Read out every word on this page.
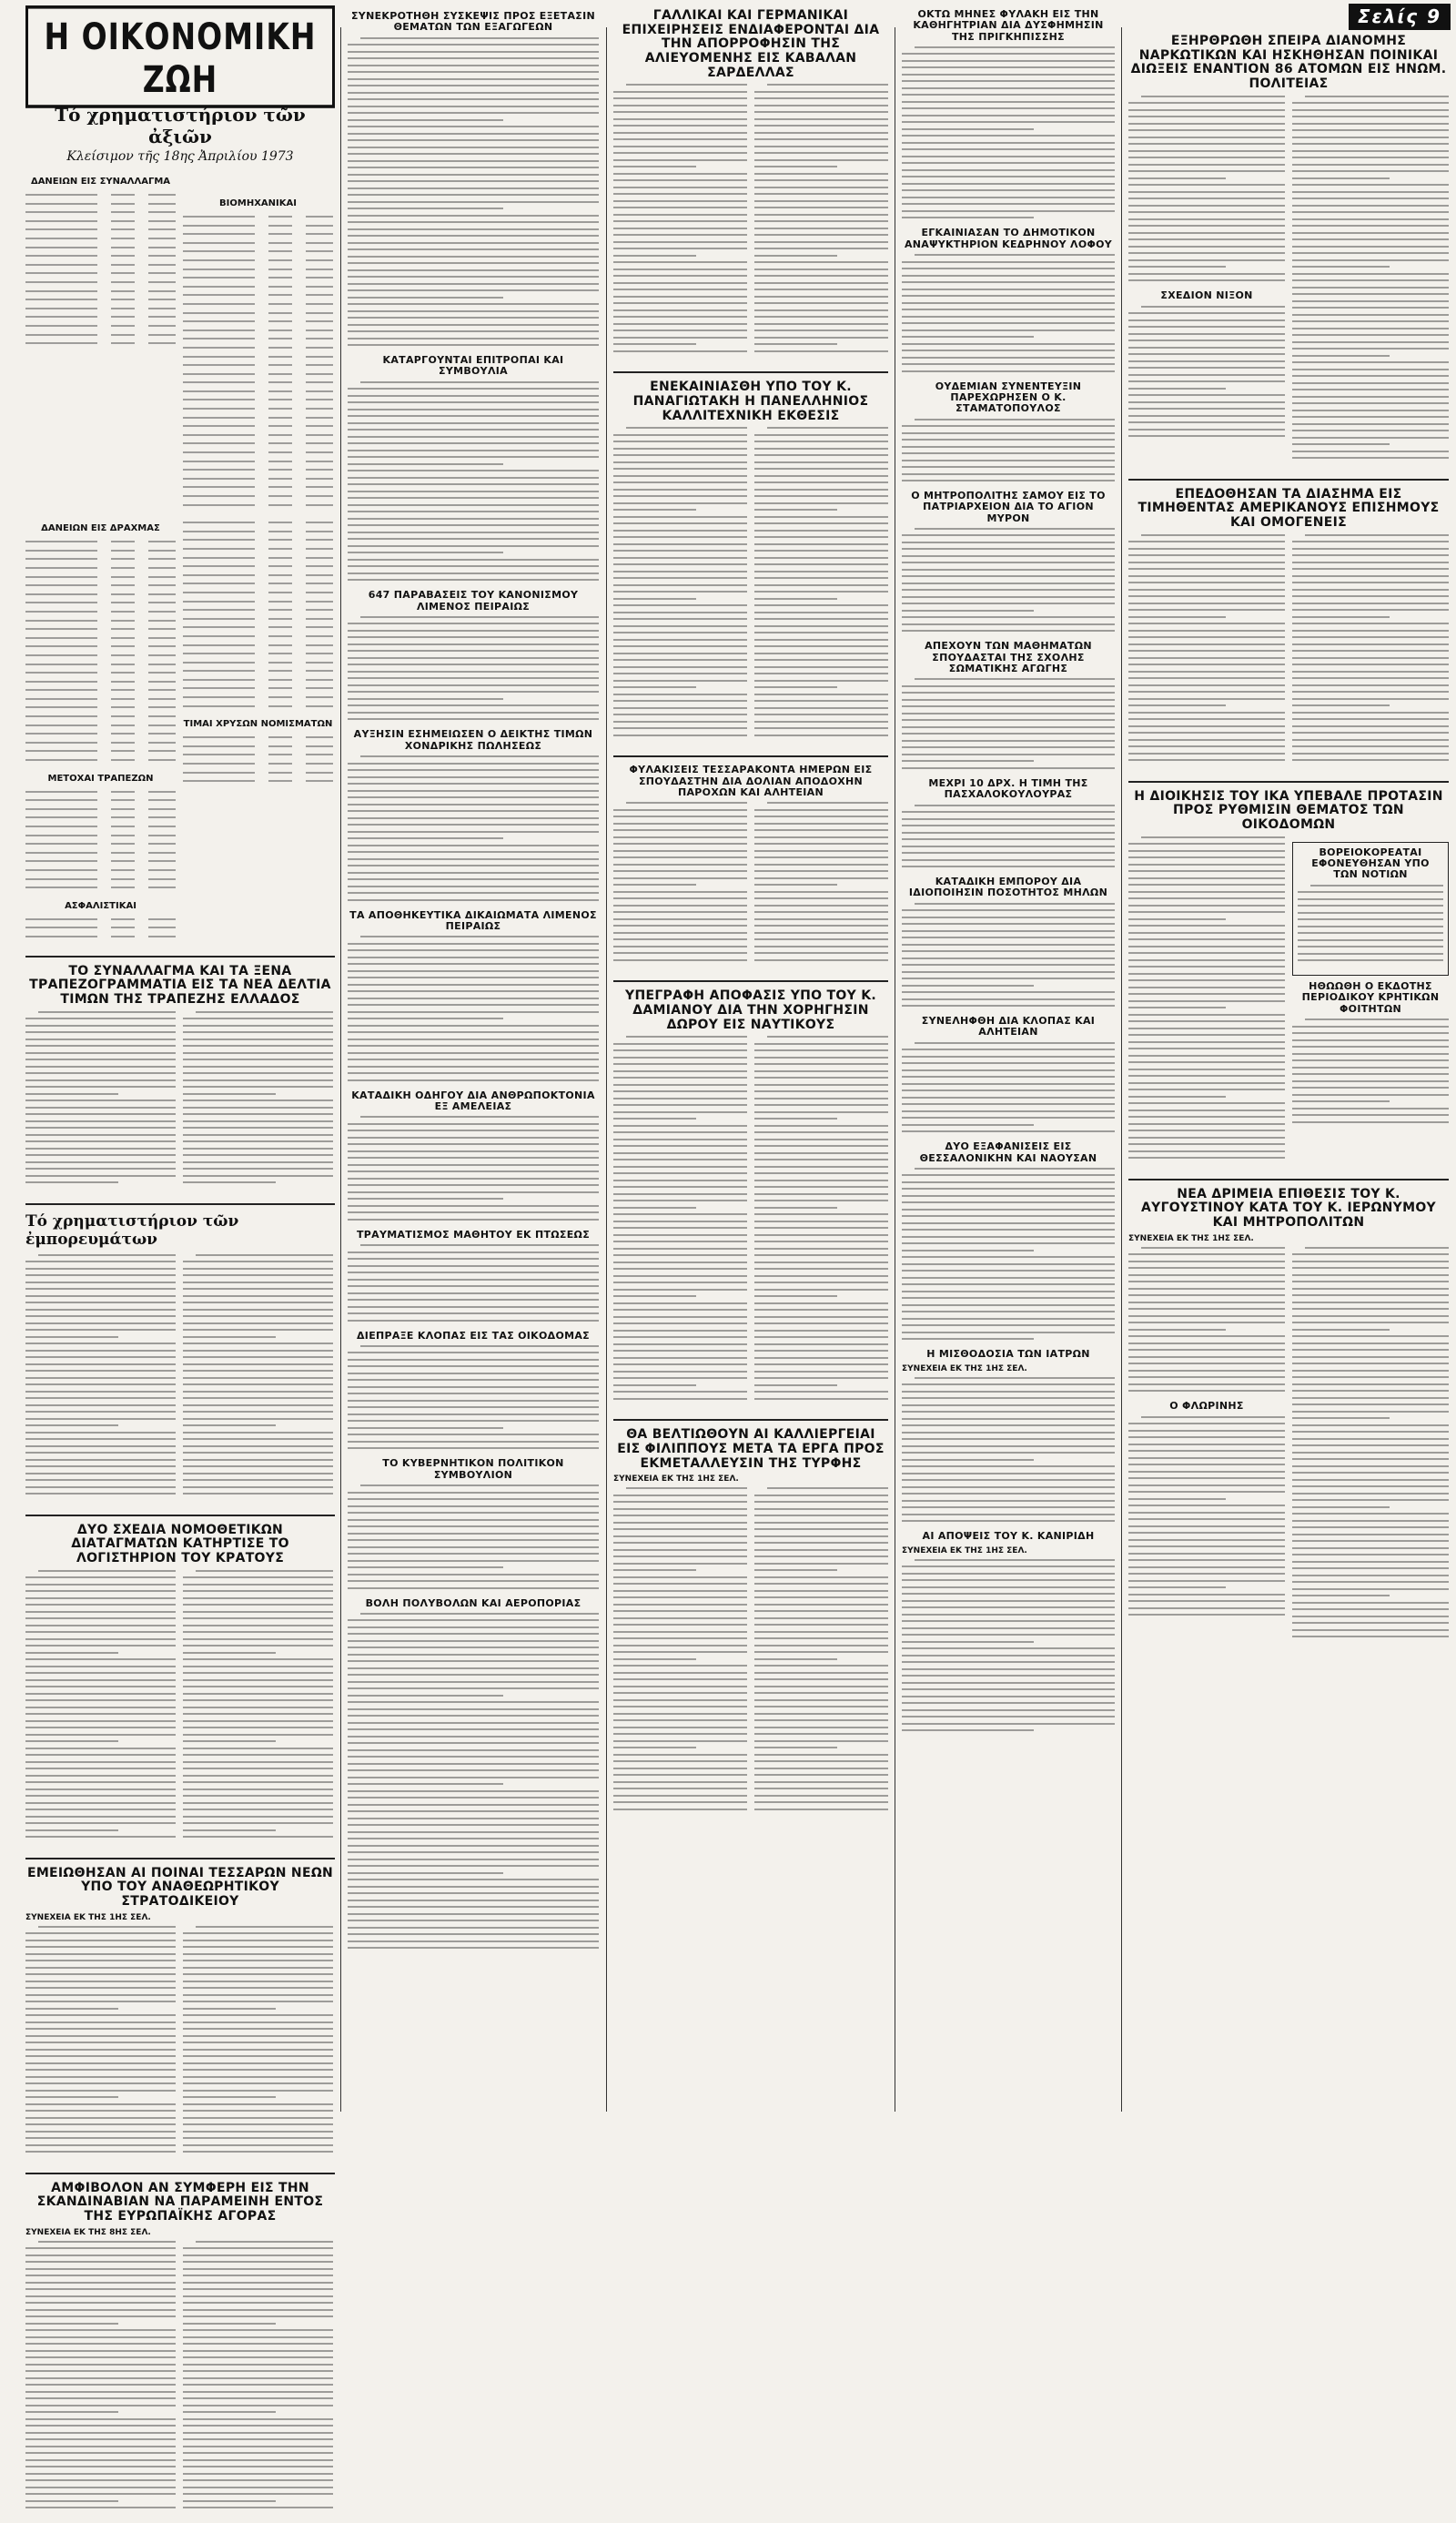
Σελίς 9
Η ΟΙΚΟΝΟΜΙΚΗ ΖΩΗ
Τό χρηματιστήριον τῶν ἀξιῶν
Κλείσιμον τῆς 18ης Ἀπριλίου 1973
ΔΑΝΕΙΩΝ ΕΙΣ ΣΥΝΑΛΛΑΓΜΑ
ΒΙΟΜΗΧΑΝΙΚΑΙ
ΔΑΝΕΙΩΝ ΕΙΣ ΔΡΑΧΜΑΣ
ΜΕΤΟΧΑΙ ΤΡΑΠΕΖΩΝ
ΑΣΦΑΛΙΣΤΙΚΑΙ
ΤΙΜΑΙ ΧΡΥΣΩΝ ΝΟΜΙΣΜΑΤΩΝ
ΤΟ ΣΥΝΑΛΛΑΓΜΑ ΚΑΙ ΤΑ ΞΕΝΑ ΤΡΑΠΕΖΟΓΡΑΜΜΑΤΙΑ ΕΙΣ ΤΑ ΝΕΑ ΔΕΛΤΙΑ ΤΙΜΩΝ ΤΗΣ ΤΡΑΠΕΖΗΣ ΕΛΛΑΔΟΣ
Τό χρηματιστήριον τῶν ἐμπορευμάτων
ΔΥΟ ΣΧΕΔΙΑ ΝΟΜΟΘΕΤΙΚΩΝ ΔΙΑΤΑΓΜΑΤΩΝ ΚΑΤΗΡΤΙΣΕ ΤΟ ΛΟΓΙΣΤΗΡΙΟΝ ΤΟΥ ΚΡΑΤΟΥΣ
ΕΜΕΙΩΘΗΣΑΝ ΑΙ ΠΟΙΝΑΙ ΤΕΣΣΑΡΩΝ ΝΕΩΝ ΥΠΟ ΤΟΥ ΑΝΑΘΕΩΡΗΤΙΚΟΥ ΣΤΡΑΤΟΔΙΚΕΙΟΥ
ΣΥΝΕΧΕΙΑ ΕΚ ΤΗΣ 1ΗΣ ΣΕΛ.
ΑΜΦΙΒΟΛΟΝ ΑΝ ΣΥΜΦΕΡΗ ΕΙΣ ΤΗΝ ΣΚΑΝΔΙΝΑΒΙΑΝ ΝΑ ΠΑΡΑΜΕΙΝΗ ΕΝΤΟΣ ΤΗΣ ΕΥΡΩΠΑΪΚΗΣ ΑΓΟΡΑΣ
ΣΥΝΕΧΕΙΑ ΕΚ ΤΗΣ 8ΗΣ ΣΕΛ.
ΣΥΝΕΚΡΟΤΗΘΗ ΣΥΣΚΕΨΙΣ ΠΡΟΣ ΕΞΕΤΑΣΙΝ ΘΕΜΑΤΩΝ ΤΩΝ ΕΞΑΓΩΓΕΩΝ
ΚΑΤΑΡΓΟΥΝΤΑΙ ΕΠΙΤΡΟΠΑΙ ΚΑΙ ΣΥΜΒΟΥΛΙΑ
647 ΠΑΡΑΒΑΣΕΙΣ ΤΟΥ ΚΑΝΟΝΙΣΜΟΥ ΛΙΜΕΝΟΣ ΠΕΙΡΑΙΩΣ
ΑΥΞΗΣΙΝ ΕΣΗΜΕΙΩΣΕΝ Ο ΔΕΙΚΤΗΣ ΤΙΜΩΝ ΧΟΝΔΡΙΚΗΣ ΠΩΛΗΣΕΩΣ
ΤΑ ΑΠΟΘΗΚΕΥΤΙΚΑ ΔΙΚΑΙΩΜΑΤΑ ΛΙΜΕΝΟΣ ΠΕΙΡΑΙΩΣ
ΚΑΤΑΔΙΚΗ ΟΔΗΓΟΥ ΔΙΑ ΑΝΘΡΩΠΟΚΤΟΝΙΑ ΕΞ ΑΜΕΛΕΙΑΣ
ΤΡΑΥΜΑΤΙΣΜΟΣ ΜΑΘΗΤΟΥ ΕΚ ΠΤΩΣΕΩΣ
ΔΙΕΠΡΑΞΕ ΚΛΟΠΑΣ ΕΙΣ ΤΑΣ ΟΙΚΟΔΟΜΑΣ
ΤΟ ΚΥΒΕΡΝΗΤΙΚΟΝ ΠΟΛΙΤΙΚΟΝ ΣΥΜΒΟΥΛΙΟΝ
ΒΟΛΗ ΠΟΛΥΒΟΛΩΝ ΚΑΙ ΑΕΡΟΠΟΡΙΑΣ
ΓΑΛΛΙΚΑΙ ΚΑΙ ΓΕΡΜΑΝΙΚΑΙ ΕΠΙΧΕΙΡΗΣΕΙΣ ΕΝΔΙΑΦΕΡΟΝΤΑΙ ΔΙΑ ΤΗΝ ΑΠΟΡΡΟΦΗΣΙΝ ΤΗΣ ΑΛΙΕΥΟΜΕΝΗΣ ΕΙΣ ΚΑΒΑΛΑΝ ΣΑΡΔΕΛΛΑΣ
ΕΝΕΚΑΙΝΙΑΣΘΗ ΥΠΟ ΤΟΥ Κ. ΠΑΝΑΓΙΩΤΑΚΗ Η ΠΑΝΕΛΛΗΝΙΟΣ ΚΑΛΛΙΤΕΧΝΙΚΗ ΕΚΘΕΣΙΣ
ΦΥΛΑΚΙΣΕΙΣ ΤΕΣΣΑΡΑΚΟΝΤΑ ΗΜΕΡΩΝ ΕΙΣ ΣΠΟΥΔΑΣΤΗΝ ΔΙΑ ΔΟΛΙΑΝ ΑΠΟΔΟΧΗΝ ΠΑΡΟΧΩΝ ΚΑΙ ΑΛΗΤΕΙΑΝ
ΥΠΕΓΡΑΦΗ ΑΠΟΦΑΣΙΣ ΥΠΟ ΤΟΥ Κ. ΔΑΜΙΑΝΟΥ ΔΙΑ ΤΗΝ ΧΟΡΗΓΗΣΙΝ ΔΩΡΟΥ ΕΙΣ ΝΑΥΤΙΚΟΥΣ
ΘΑ ΒΕΛΤΙΩΘΟΥΝ ΑΙ ΚΑΛΛΙΕΡΓΕΙΑΙ ΕΙΣ ΦΙΛΙΠΠΟΥΣ ΜΕΤΑ ΤΑ ΕΡΓΑ ΠΡΟΣ ΕΚΜΕΤΑΛΛΕΥΣΙΝ ΤΗΣ ΤΥΡΦΗΣ
ΣΥΝΕΧΕΙΑ ΕΚ ΤΗΣ 1ΗΣ ΣΕΛ.
ΟΚΤΩ ΜΗΝΕΣ ΦΥΛΑΚΗ ΕΙΣ ΤΗΝ ΚΑΘΗΓΗΤΡΙΑΝ ΔΙΑ ΔΥΣΦΗΜΗΣΙΝ ΤΗΣ ΠΡΙΓΚΗΠΙΣΣΗΣ
ΕΓΚΑΙΝΙΑΣΑΝ ΤΟ ΔΗΜΟΤΙΚΟΝ ΑΝΑΨΥΚΤΗΡΙΟΝ ΚΕΔΡΗΝΟΥ ΛΟΦΟΥ
ΟΥΔΕΜΙΑΝ ΣΥΝΕΝΤΕΥΞΙΝ ΠΑΡΕΧΩΡΗΣΕΝ Ο Κ. ΣΤΑΜΑΤΟΠΟΥΛΟΣ
Ο ΜΗΤΡΟΠΟΛΙΤΗΣ ΣΑΜΟΥ ΕΙΣ ΤΟ ΠΑΤΡΙΑΡΧΕΙΟΝ ΔΙΑ ΤΟ ΑΓΙΟΝ ΜΥΡΟΝ
ΑΠΕΧΟΥΝ ΤΩΝ ΜΑΘΗΜΑΤΩΝ ΣΠΟΥΔΑΣΤΑΙ ΤΗΣ ΣΧΟΛΗΣ ΣΩΜΑΤΙΚΗΣ ΑΓΩΓΗΣ
ΜΕΧΡΙ 10 ΔΡΧ. Η ΤΙΜΗ ΤΗΣ ΠΑΣΧΑΛΟΚΟΥΛΟΥΡΑΣ
ΚΑΤΑΔΙΚΗ ΕΜΠΟΡΟΥ ΔΙΑ ΙΔΙΟΠΟΙΗΣΙΝ ΠΟΣΟΤΗΤΟΣ ΜΗΛΩΝ
ΣΥΝΕΛΗΦΘΗ ΔΙΑ ΚΛΟΠΑΣ ΚΑΙ ΑΛΗΤΕΙΑΝ
ΔΥΟ ΕΞΑΦΑΝΙΣΕΙΣ ΕΙΣ ΘΕΣΣΑΛΟΝΙΚΗΝ ΚΑΙ ΝΑΟΥΣΑΝ
Η ΜΙΣΘΟΔΟΣΙΑ ΤΩΝ ΙΑΤΡΩΝ
ΣΥΝΕΧΕΙΑ ΕΚ ΤΗΣ 1ΗΣ ΣΕΛ.
ΑΙ ΑΠΟΨΕΙΣ ΤΟΥ Κ. ΚΑΝΙΡΙΔΗ
ΣΥΝΕΧΕΙΑ ΕΚ ΤΗΣ 1ΗΣ ΣΕΛ.
ΕΞΗΡΘΡΩΘΗ ΣΠΕΙΡΑ ΔΙΑΝΟΜΗΣ ΝΑΡΚΩΤΙΚΩΝ ΚΑΙ ΗΣΚΗΘΗΣΑΝ ΠΟΙΝΙΚΑΙ ΔΙΩΞΕΙΣ ΕΝΑΝΤΙΟΝ 86 ΑΤΟΜΩΝ ΕΙΣ ΗΝΩΜ. ΠΟΛΙΤΕΙΑΣ
ΣΧΕΔΙΟΝ ΝΙΞΟΝ
ΕΠΕΔΟΘΗΣΑΝ ΤΑ ΔΙΑΣΗΜΑ ΕΙΣ ΤΙΜΗΘΕΝΤΑΣ ΑΜΕΡΙΚΑΝΟΥΣ ΕΠΙΣΗΜΟΥΣ ΚΑΙ ΟΜΟΓΕΝΕΙΣ
Η ΔΙΟΙΚΗΣΙΣ ΤΟΥ ΙΚΑ ΥΠΕΒΑΛΕ ΠΡΟΤΑΣΙΝ ΠΡΟΣ ΡΥΘΜΙΣΙΝ ΘΕΜΑΤΟΣ ΤΩΝ ΟΙΚΟΔΟΜΩΝ
ΒΟΡΕΙΟΚΟΡΕΑΤΑΙ ΕΦΟΝΕΥΘΗΣΑΝ ΥΠΟ ΤΩΝ ΝΟΤΙΩΝ
ΗΘΩΩΘΗ Ο ΕΚΔΟΤΗΣ ΠΕΡΙΟΔΙΚΟΥ ΚΡΗΤΙΚΩΝ ΦΟΙΤΗΤΩΝ
ΝΕΑ ΔΡΙΜΕΙΑ ΕΠΙΘΕΣΙΣ ΤΟΥ Κ. ΑΥΓΟΥΣΤΙΝΟΥ ΚΑΤΑ ΤΟΥ Κ. ΙΕΡΩΝΥΜΟΥ ΚΑΙ ΜΗΤΡΟΠΟΛΙΤΩΝ
ΣΥΝΕΧΕΙΑ ΕΚ ΤΗΣ 1ΗΣ ΣΕΛ.
Ο ΦΛΩΡΙΝΗΣ
